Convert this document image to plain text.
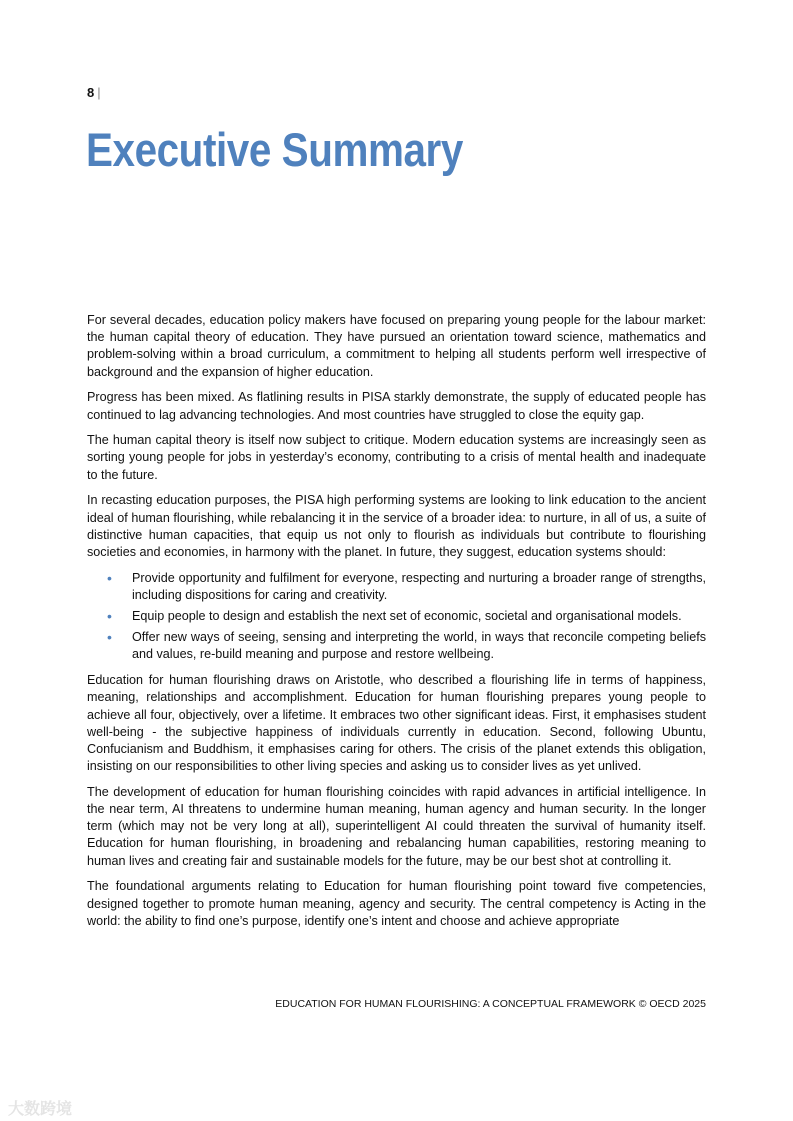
8 |
Executive Summary

For several decades, education policy makers have focused on preparing young people for the labour market: the human capital theory of education. They have pursued an orientation toward science, mathematics and problem-solving within a broad curriculum, a commitment to helping all students perform well irrespective of background and the expansion of higher education.

Progress has been mixed. As flatlining results in PISA starkly demonstrate, the supply of educated people has continued to lag advancing technologies. And most countries have struggled to close the equity gap.

The human capital theory is itself now subject to critique. Modern education systems are increasingly seen as sorting young people for jobs in yesterday’s economy, contributing to a crisis of mental health and inadequate to the future.

In recasting education purposes, the PISA high performing systems are looking to link education to the ancient ideal of human flourishing, while rebalancing it in the service of a broader idea: to nurture, in all of us, a suite of distinctive human capacities, that equip us not only to flourish as individuals but contribute to flourishing societies and economies, in harmony with the planet. In future, they suggest, education systems should:

• Provide opportunity and fulfilment for everyone, respecting and nurturing a broader range of strengths, including dispositions for caring and creativity.
• Equip people to design and establish the next set of economic, societal and organisational models.
• Offer new ways of seeing, sensing and interpreting the world, in ways that reconcile competing beliefs and values, re-build meaning and purpose and restore wellbeing.

Education for human flourishing draws on Aristotle, who described a flourishing life in terms of happiness, meaning, relationships and accomplishment. Education for human flourishing prepares young people to achieve all four, objectively, over a lifetime. It embraces two other significant ideas. First, it emphasises student well-being - the subjective happiness of individuals currently in education. Second, following Ubuntu, Confucianism and Buddhism, it emphasises caring for others. The crisis of the planet extends this obligation, insisting on our responsibilities to other living species and asking us to consider lives as yet unlived.

The development of education for human flourishing coincides with rapid advances in artificial intelligence. In the near term, AI threatens to undermine human meaning, human agency and human security. In the longer term (which may not be very long at all), superintelligent AI could threaten the survival of humanity itself. Education for human flourishing, in broadening and rebalancing human capabilities, restoring meaning to human lives and creating fair and sustainable models for the future, may be our best shot at controlling it.

The foundational arguments relating to Education for human flourishing point toward five competencies, designed together to promote human meaning, agency and security. The central competency is Acting in the world: the ability to find one’s purpose, identify one’s intent and choose and achieve appropriate

EDUCATION FOR HUMAN FLOURISHING: A CONCEPTUAL FRAMEWORK © OECD 2025
大数跨境
